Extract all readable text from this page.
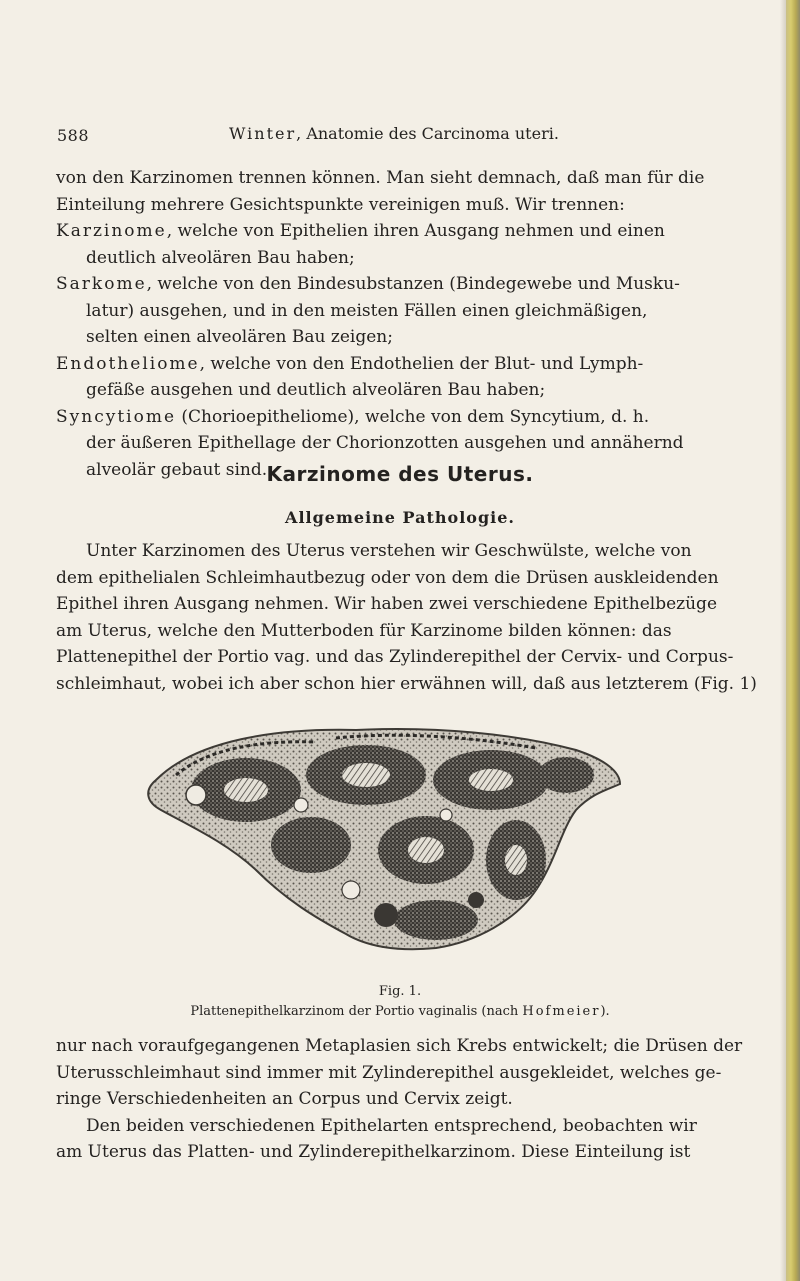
588	Winter, Anatomie des Carcinoma uteri.
von den Karzinomen trennen können. Man sieht demnach, daß man für die
Einteilung mehrere Gesichtspunkte vereinigen muß. Wir trennen:
Karzinome, welche von Epithelien ihren Ausgang nehmen und einen
deutlich alveolären Bau haben;
Sarkome, welche von den Bindesubstanzen (Bindegewebe und Musku-
latur) ausgehen, und in den meisten Fällen einen gleichmäßigen,
selten einen alveolären Bau zeigen;
Endotheliome, welche von den Endothelien der Blut- und Lymph-
gefäße ausgehen und deutlich alveolären Bau haben;
Syncytiome (Chorioepitheliome), welche von dem Syncytium, d. h.
der äußeren Epithellage der Chorionzotten ausgehen und annähernd
alveolär gebaut sind. Karzinome des Uterus.
Allgemeine Pathologie.
Unter Karzinomen des Uterus verstehen wir Geschwülste, welche von
dem epithelialen Schleimhautbezug oder von dem die Drüsen auskleidenden
Epithel ihren Ausgang nehmen. Wir haben zwei verschiedene Epithelbezüge
am Uterus, welche den Mutterboden für Karzinome bilden können: das
Plattenepithel der Portio vag. und das Zylinderepithel der Cervix- und Corpus-
schleimhaut, wobei ich aber schon hier erwähnen will, daß aus letzterem (Fig. 1)
Fig. 1.
Plattenepithelkarzinom der Portio vaginalis (nach Hofmeier).
nur nach voraufgegangenen Metaplasien sich Krebs entwickelt; die Drüsen der
Uterusschleimhaut sind immer mit Zylinderepithel ausgekleidet, welches ge-
ringe Verschiedenheiten an Corpus und Cervix zeigt.
Den beiden verschiedenen Epithelarten entsprechend, beobachten wir
am Uterus das Platten- und Zylinderepithelkarzinom. Diese Einteilung ist
